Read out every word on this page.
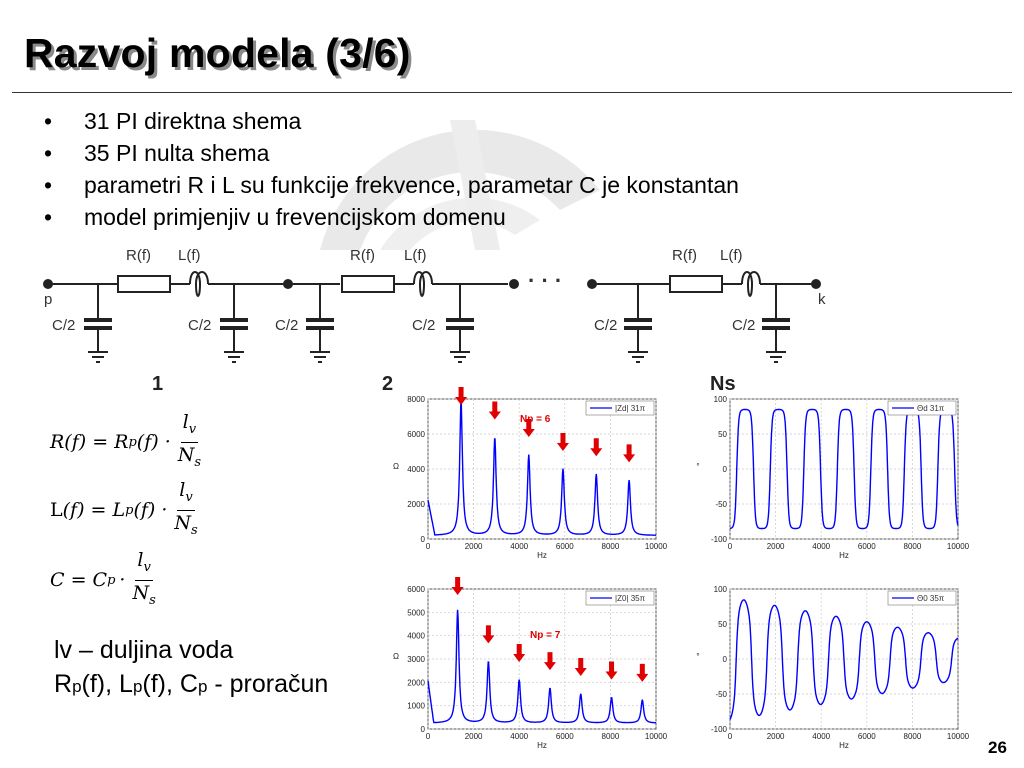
Razvoj modela (3/6)
• 31 PI direktna shema
• 35 PI nulta shema
• parametri R i L su funkcije frekvence, parametar C je konstantan
• model primjenjiv u frevencijskom domenu
R(f) L(f)	R(f) L(f)	R(f) L(f)
p	k
C/2	C/2	C/2	C/2	C/2	C/2
· · ·
1	2	Ns
R(f) = R p $(f) \cdot \frac{l_v}{N_s}$
L (f) = L p $(f) \cdot \frac{l_v}{N_s}$
C = C $p \cdot \frac{l_v}{N_s}$
lv – duljina voda
Rp(f), Lp(f), Cp - proračun
0	2000	4000	6000	8000	10000
0
2000
4000
6000
8000
Hz
Ω
Np = 6
|Zd| 31π
0	2000	4000	6000	8000	10000
100
50
0
-50
-100
Hz
°
Θd 31π
0	2000	4000	6000	8000	10000
0
1000
2000
3000
4000
5000
6000
Hz
Ω
Np = 7
|Z0| 35π
0	2000	4000	6000	8000	10000
100
50
0
-50
-100
Hz
°
Θ0 35π
26
